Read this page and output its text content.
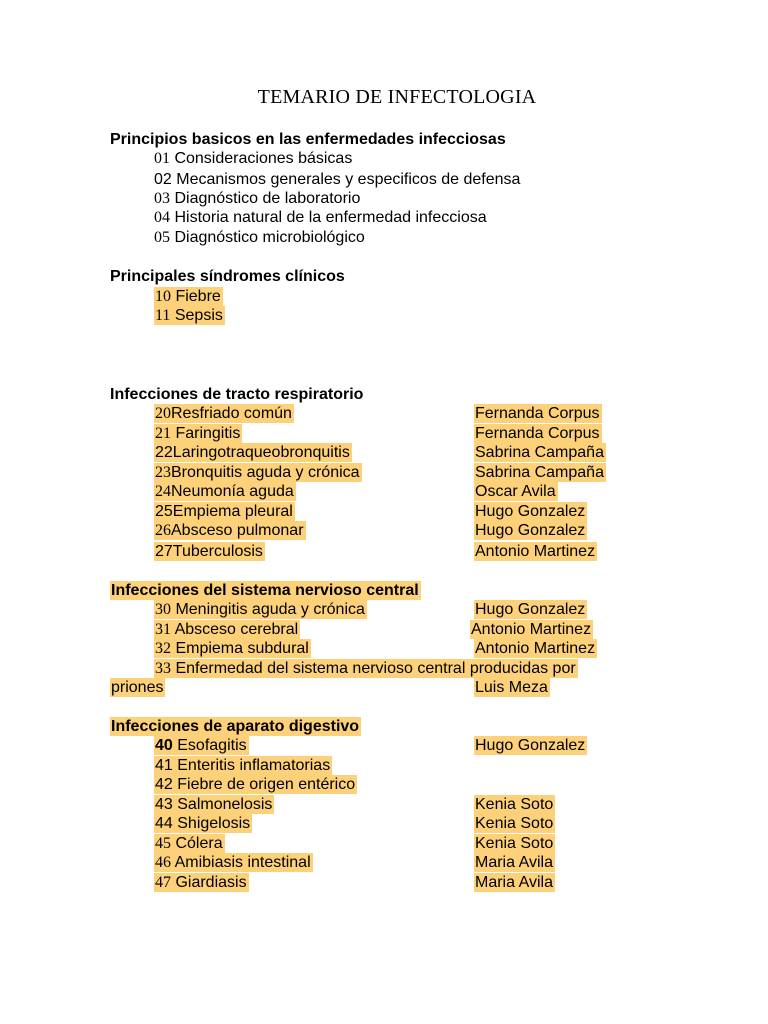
TEMARIO DE INFECTOLOGIA
Principios basicos en las enfermedades infecciosas
01 Consideraciones básicas
02 Mecanismos generales y especificos de defensa
03 Diagnóstico de laboratorio
04 Historia natural de la enfermedad infecciosa
05 Diagnóstico microbiológico
Principales síndromes clínicos
10 Fiebre
11 Sepsis
Infecciones de tracto respiratorio
20Resfriado común	Fernanda Corpus
21 Faringitis	Fernanda Corpus
22Laringotraqueobronquitis	Sabrina Campaña
23Bronquitis aguda y crónica	Sabrina Campaña
24Neumonía aguda	Oscar Avila
25Empiema pleural	Hugo Gonzalez
26Absceso pulmonar	Hugo Gonzalez
27Tuberculosis	Antonio Martinez
Infecciones del sistema nervioso central
30 Meningitis aguda y crónica	Hugo Gonzalez
31 Absceso cerebral	Antonio Martinez
32 Empiema subdural	Antonio Martinez
33 Enfermedad del sistema nervioso central producidas por
priones	Luis Meza
Infecciones de aparato digestivo
40 Esofagitis	Hugo Gonzalez
41 Enteritis inflamatorias
42 Fiebre de origen entérico
43 Salmonelosis	Kenia Soto
44 Shigelosis	Kenia Soto
45 Cólera	Kenia Soto
46 Amibiasis intestinal	Maria Avila
47 Giardiasis	Maria Avila
